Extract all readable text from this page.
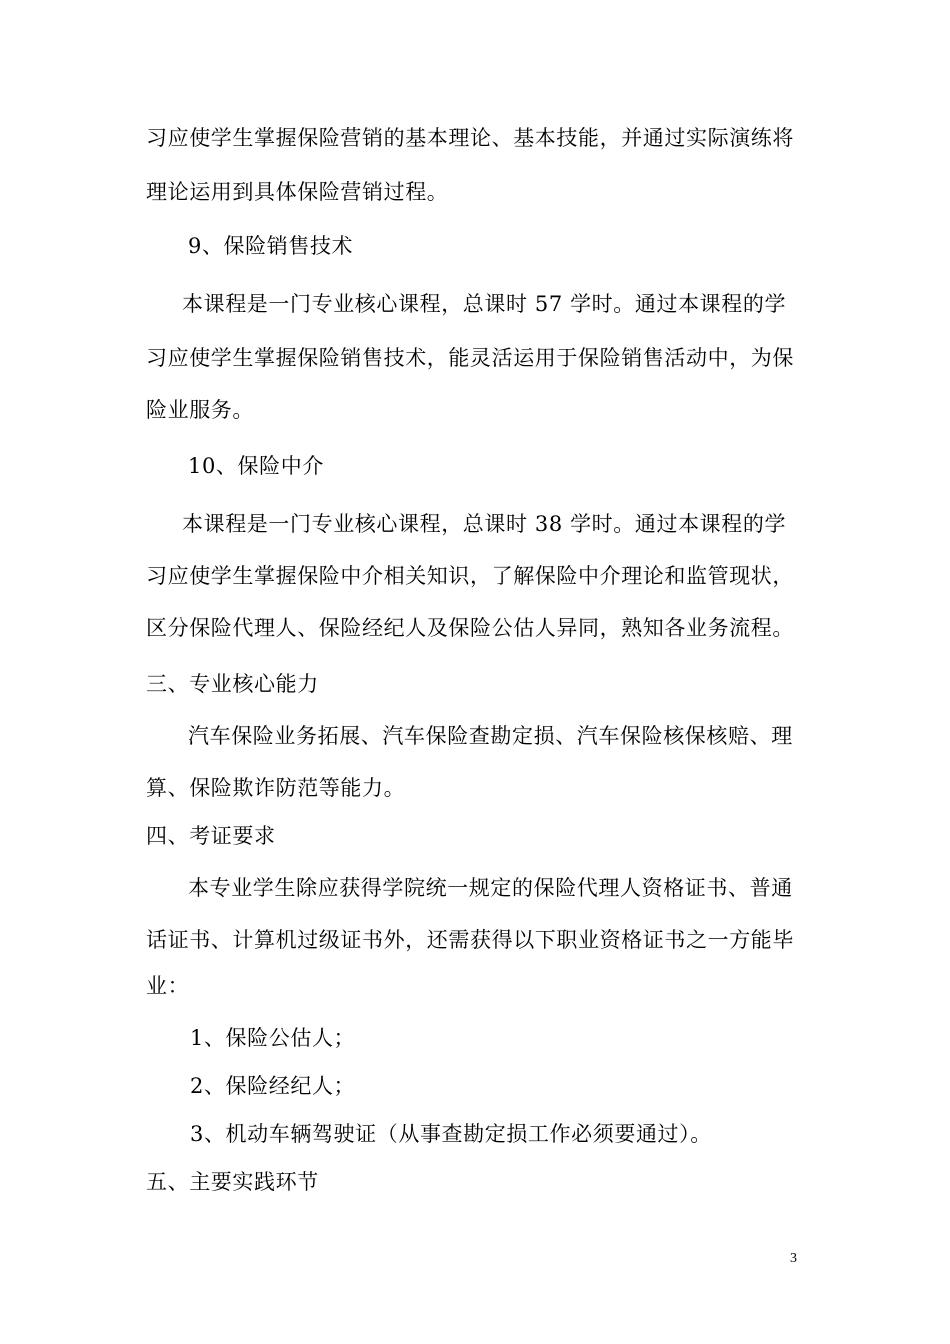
习应使学生掌握保险营销的基本理论、基本技能，并通过实际演练将
理论运用到具体保险营销过程。
9、保险销售技术
本课程是一门专业核心课程，总课时 57 学时。通过本课程的学
习应使学生掌握保险销售技术，能灵活运用于保险销售活动中，为保
险业服务。
10、保险中介
本课程是一门专业核心课程，总课时 38 学时。通过本课程的学
习应使学生掌握保险中介相关知识，了解保险中介理论和监管现状，
区分保险代理人、保险经纪人及保险公估人异同，熟知各业务流程。
三、专业核心能力
汽车保险业务拓展、汽车保险查勘定损、汽车保险核保核赔、理
算、保险欺诈防范等能力。
四、考证要求
本专业学生除应获得学院统一规定的保险代理人资格证书、普通
话证书、计算机过级证书外，还需获得以下职业资格证书之一方能毕
业：
1、保险公估人；
2、保险经纪人；
3、机动车辆驾驶证（从事查勘定损工作必须要通过）。
五、主要实践环节
3
